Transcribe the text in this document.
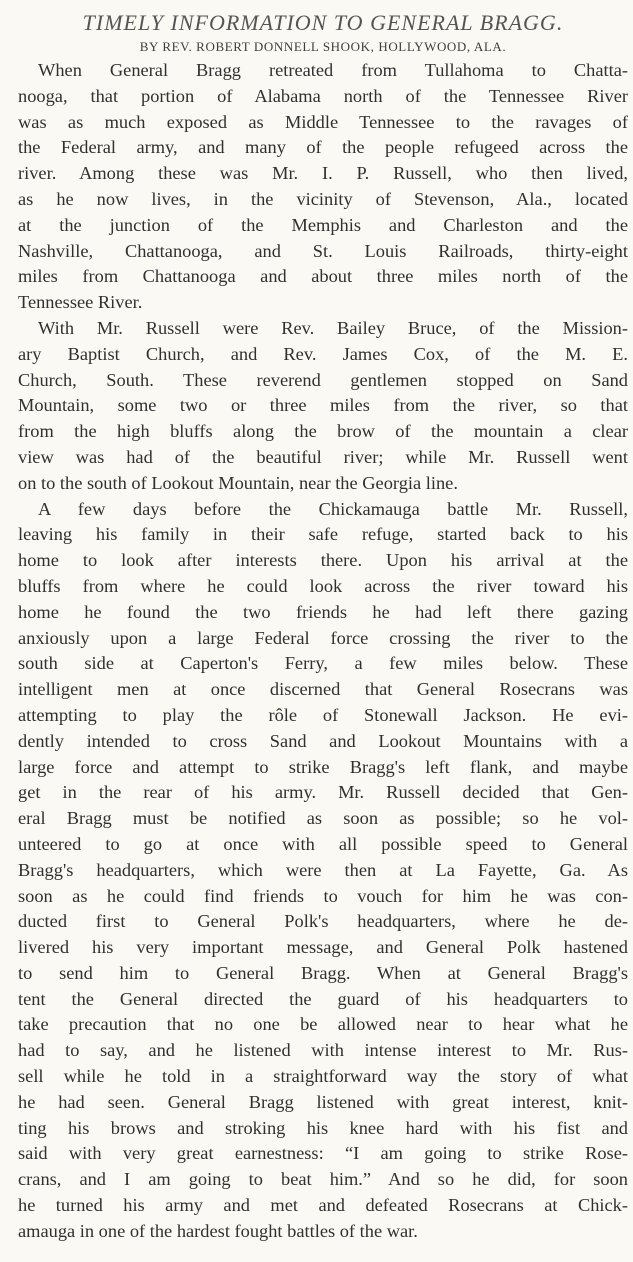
TIMELY INFORMATION TO GENERAL BRAGG.
BY REV. ROBERT DONNELL SHOOK, HOLLYWOOD, ALA.
When General Bragg retreated from Tullahoma to Chatta-
nooga, that portion of Alabama north of the Tennessee River
was as much exposed as Middle Tennessee to the ravages of
the Federal army, and many of the people refugeed across the
river. Among these was Mr. I. P. Russell, who then lived,
as he now lives, in the vicinity of Stevenson, Ala., located
at the junction of the Memphis and Charleston and the
Nashville, Chattanooga, and St. Louis Railroads, thirty-eight
miles from Chattanooga and about three miles north of the
Tennessee River.
With Mr. Russell were Rev. Bailey Bruce, of the Mission-
ary Baptist Church, and Rev. James Cox, of the M. E.
Church, South. These reverend gentlemen stopped on Sand
Mountain, some two or three miles from the river, so that
from the high bluffs along the brow of the mountain a clear
view was had of the beautiful river; while Mr. Russell went
on to the south of Lookout Mountain, near the Georgia line.
A few days before the Chickamauga battle Mr. Russell,
leaving his family in their safe refuge, started back to his
home to look after interests there. Upon his arrival at the
bluffs from where he could look across the river toward his
home he found the two friends he had left there gazing
anxiously upon a large Federal force crossing the river to the
south side at Caperton's Ferry, a few miles below. These
intelligent men at once discerned that General Rosecrans was
attempting to play the rôle of Stonewall Jackson. He evi-
dently intended to cross Sand and Lookout Mountains with a
large force and attempt to strike Bragg's left flank, and maybe
get in the rear of his army. Mr. Russell decided that Gen-
eral Bragg must be notified as soon as possible; so he vol-
unteered to go at once with all possible speed to General
Bragg's headquarters, which were then at La Fayette, Ga. As
soon as he could find friends to vouch for him he was con-
ducted first to General Polk's headquarters, where he de-
livered his very important message, and General Polk hastened
to send him to General Bragg. When at General Bragg's
tent the General directed the guard of his headquarters to
take precaution that no one be allowed near to hear what he
had to say, and he listened with intense interest to Mr. Rus-
sell while he told in a straightforward way the story of what
he had seen. General Bragg listened with great interest, knit-
ting his brows and stroking his knee hard with his fist and
said with very great earnestness: “I am going to strike Rose-
crans, and I am going to beat him.” And so he did, for soon
he turned his army and met and defeated Rosecrans at Chick-
amauga in one of the hardest fought battles of the war.
